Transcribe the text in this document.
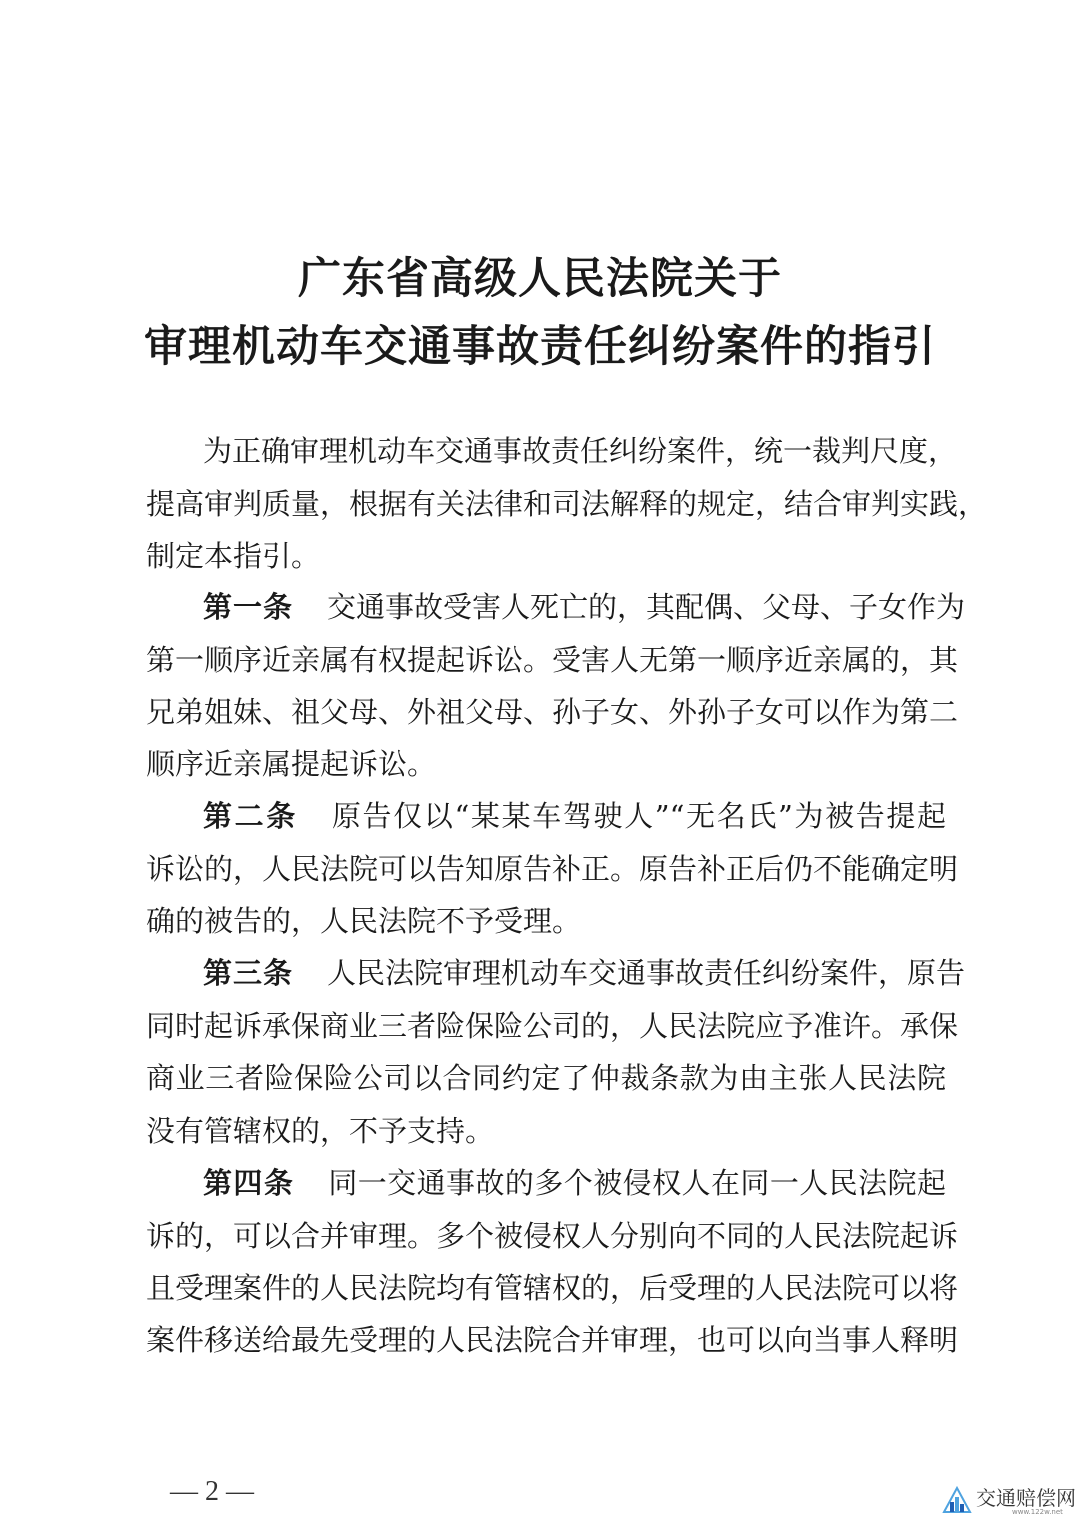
广东省高级人民法院关于
审理机动车交通事故责任纠纷案件的指引
为正确审理机动车交通事故责任纠纷案件，统一裁判尺度，
提高审判质量，根据有关法律和司法解释的规定，结合审判实践，
制定本指引。
第一条 交通事故受害人死亡的，其配偶、父母、子女作为
第一顺序近亲属有权提起诉讼。受害人无第一顺序近亲属的，其
兄弟姐妹、祖父母、外祖父母、孙子女、外孙子女可以作为第二
顺序近亲属提起诉讼。
第二条 原告仅以“某某车驾驶人”“无名氏”为被告提起
诉讼的，人民法院可以告知原告补正。原告补正后仍不能确定明
确的被告的，人民法院不予受理。
第三条 人民法院审理机动车交通事故责任纠纷案件，原告
同时起诉承保商业三者险保险公司的，人民法院应予准许。承保
商业三者险保险公司以合同约定了仲裁条款为由主张人民法院
没有管辖权的，不予支持。
第四条 同一交通事故的多个被侵权人在同一人民法院起
诉的，可以合并审理。多个被侵权人分别向不同的人民法院起诉
且受理案件的人民法院均有管辖权的，后受理的人民法院可以将
案件移送给最先受理的人民法院合并审理，也可以向当事人释明
— 2 —	交通赔偿网
www.122w.net
